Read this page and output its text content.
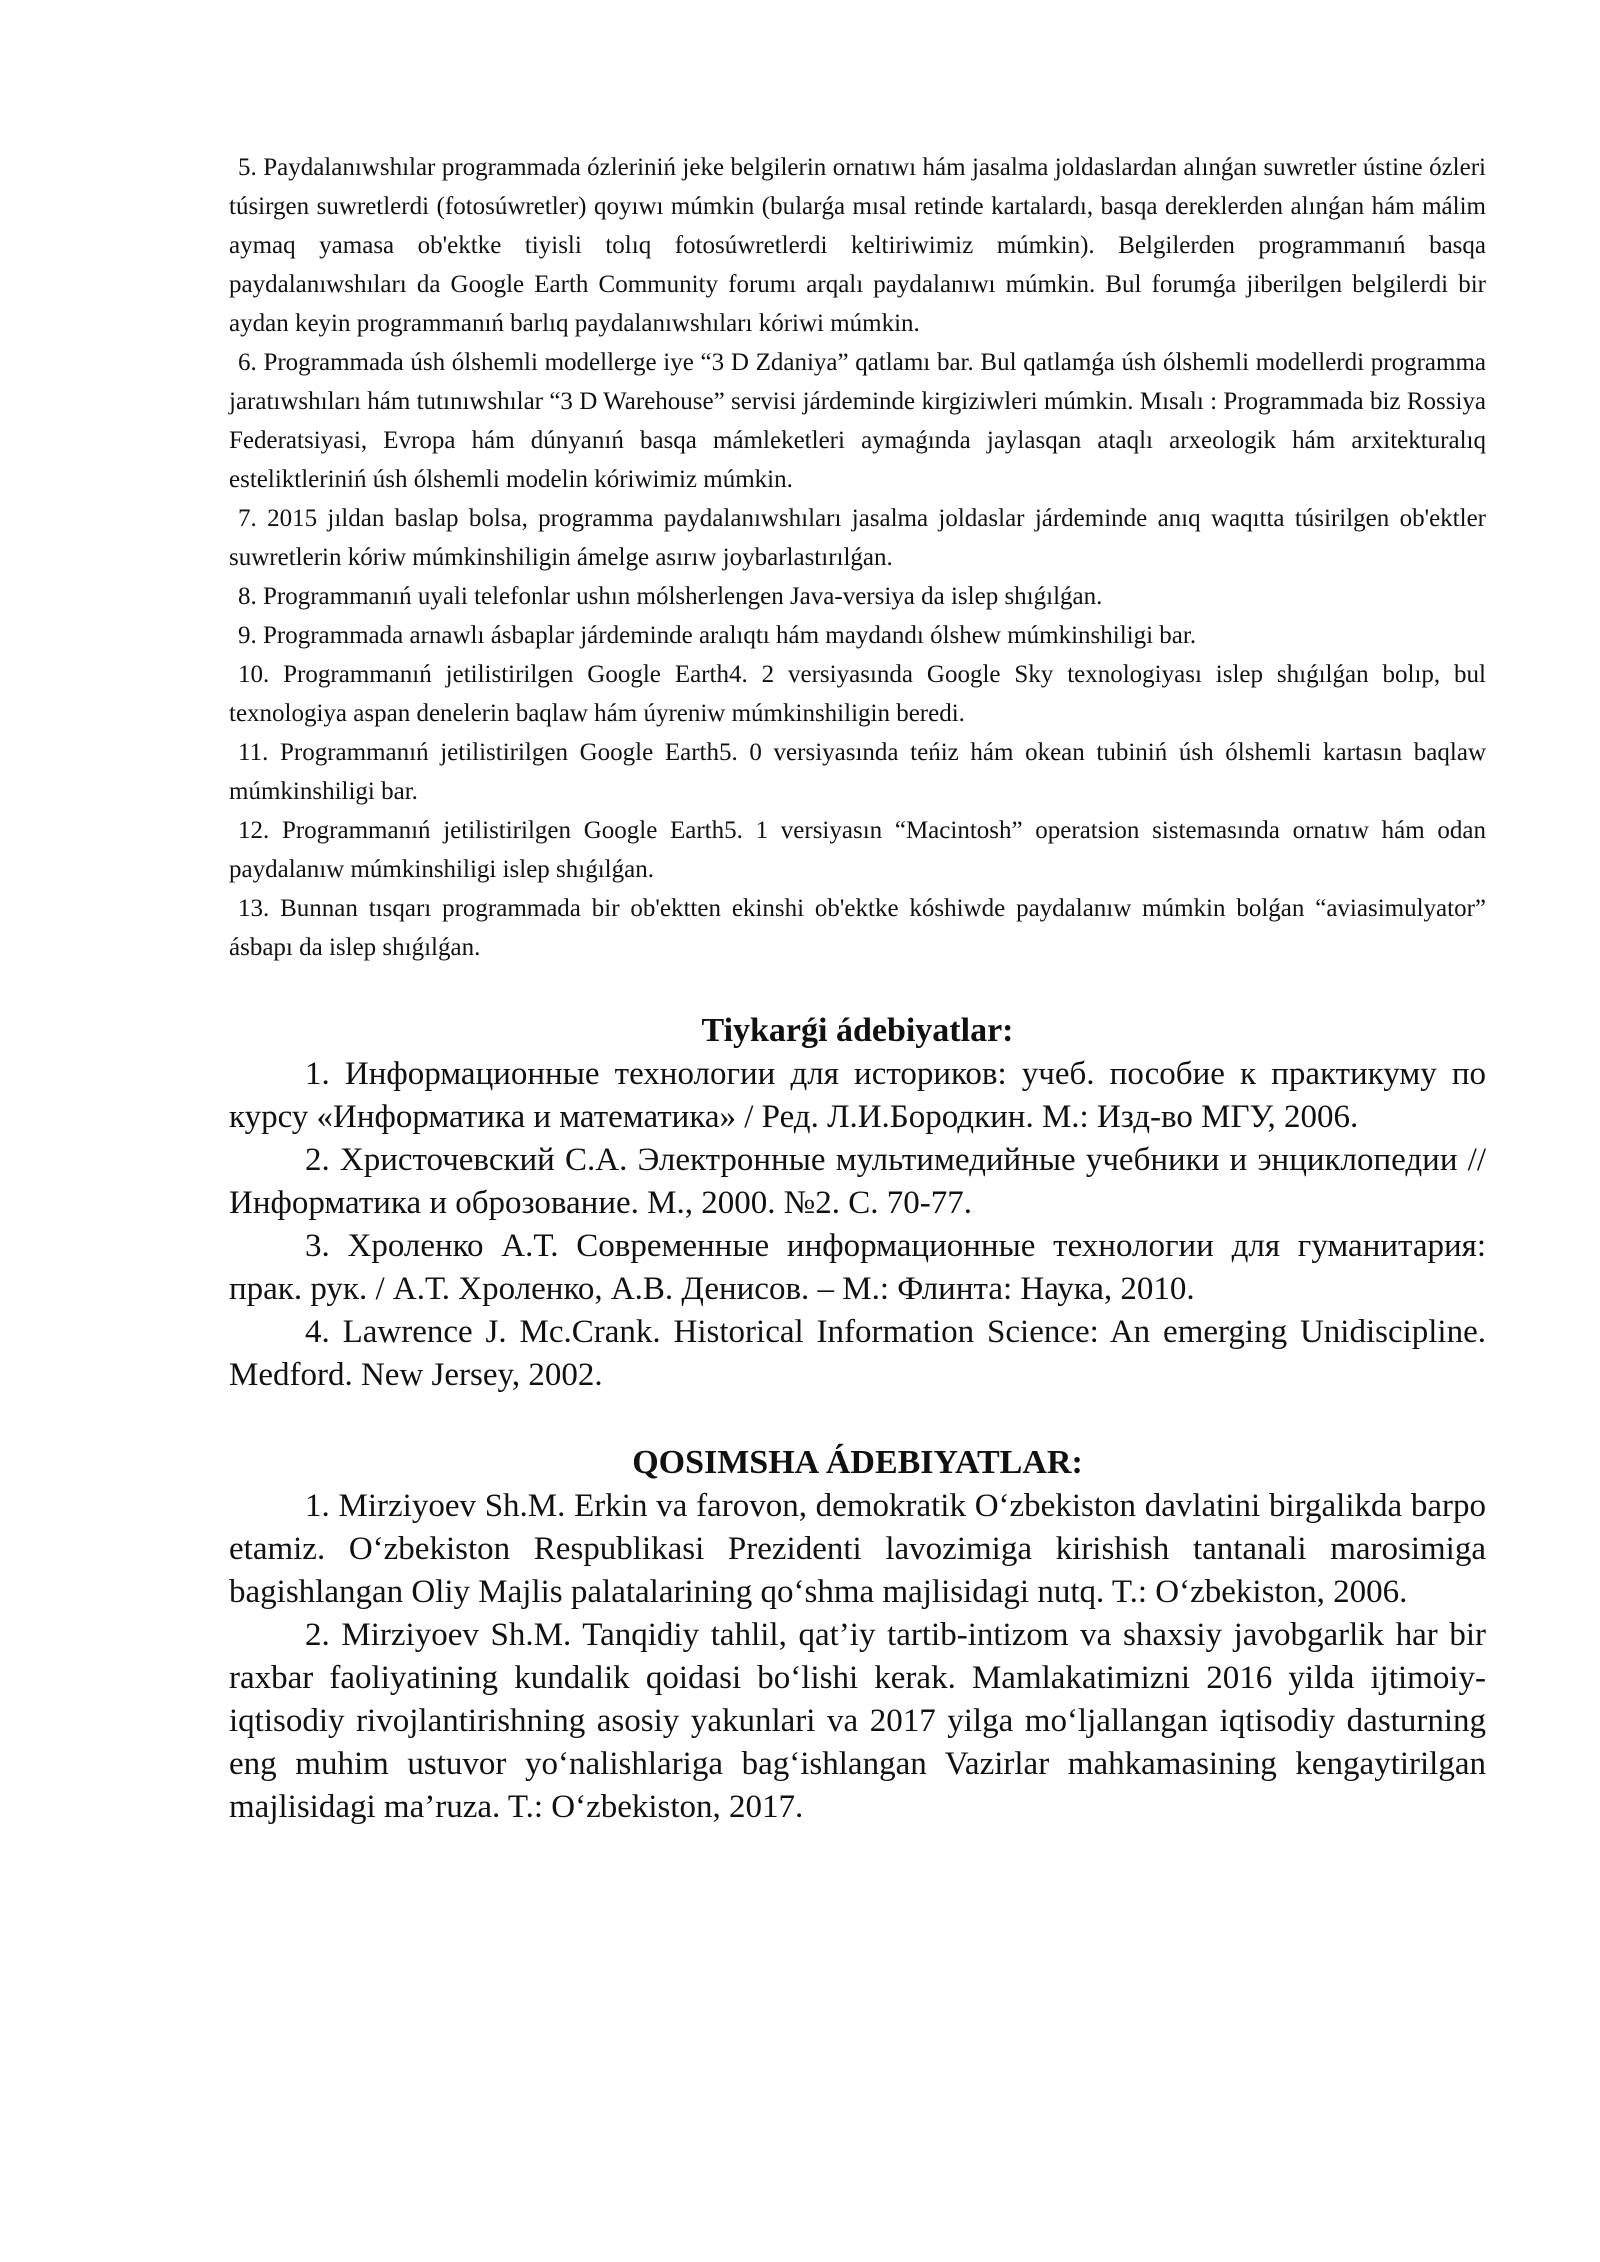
5. Paydalanıwshılar programmada ózleriniń jeke belgilerin ornatıwı hám jasalma joldaslardan alınǵan suwretler ústine ózleri túsirgen suwretlerdi (fotosúwretler) qoyıwı múmkin (bularǵa mısal retinde kartalardı, basqa dereklerden alınǵan hám málim aymaq yamasa ob'ektke tiyisli tolıq fotosúwretlerdi keltiriwimiz múmkin). Belgilerden programmanıń basqa paydalanıwshıları da Google Earth Community forumı arqalı paydalanıwı múmkin. Bul forumǵa jiberilgen belgilerdi bir aydan keyin programmanıń barlıq paydalanıwshıları kóriwi múmkin.

6. Programmada úsh ólshemli modellerge iye “3 D Zdaniya” qatlamı bar. Bul qatlamǵa úsh ólshemli modellerdi programma jaratıwshıları hám tutınıwshılar “3 D Warehouse” servisi járdeminde kirgiziwleri múmkin. Mısalı : Programmada biz Rossiya Federatsiyasi, Evropa hám dúnyanıń basqa mámleketleri aymaǵında jaylasqan ataqlı arxeologik hám arxitekturalıq esteliktleriniń úsh ólshemli modelin kóriwimiz múmkin.

7. 2015 jıldan baslap bolsa, programma paydalanıwshıları jasalma joldaslar járdeminde anıq waqıtta túsirilgen ob'ektler suwretlerin kóriw múmkinshiligin ámelge asırıw joybarlastırılǵan.

8. Programmanıń uyali telefonlar ushın mólsherlengen Java-versiya da islep shıǵılǵan.

9. Programmada arnawlı ásbaplar járdeminde aralıqtı hám maydandı ólshew múmkinshiligi bar.

10. Programmanıń jetilistirilgen Google Earth4. 2 versiyasında Google Sky texnologiyası islep shıǵılǵan bolıp, bul texnologiya aspan denelerin baqlaw hám úyreniw múmkinshiligin beredi.

11. Programmanıń jetilistirilgen Google Earth5. 0 versiyasında teńiz hám okean tubiniń úsh ólshemli kartasın baqlaw múmkinshiligi bar.

12. Programmanıń jetilistirilgen Google Earth5. 1 versiyasın “Macintosh” operatsion sistemasında ornatıw hám odan paydalanıw múmkinshiligi islep shıǵılǵan.

13. Bunnan tısqarı programmada bir ob'ektten ekinshi ob'ektke kóshiwde paydalanıw múmkin bolǵan “aviasimulyator” ásbapı da islep shıǵılǵan.

Tiykarǵi ádebiyatlar:

1. Информационные технологии для историков: учеб. пособие к практикуму по курсу «Информатика и математика» / Ред. Л.И.Бородкин. М.: Изд-во МГУ, 2006.

2. Христочевский С.А. Электронные мультимедийные учебники и энциклопедии // Информатика и оброзование. М., 2000. №2. С. 70-77.

3. Хроленко А.Т. Современные информационные технологии для гуманитария: прак. рук. / А.Т. Хроленко, А.В. Денисов. – М.: Флинта: Наука, 2010.

4. Lawrence J. Mc.Crank. Historical Information Science: An emerging Unidiscipline. Medford. New Jersey, 2002.

QOSIMSHA ÁDEBIYATLAR:

1. Mirziyoev Sh.M. Erkin va farovon, demokratik Oʻzbekiston davlatini birgalikda barpo etamiz. Oʻzbekiston Respublikasi Prezidenti lavozimiga kirishish tantanali marosimiga bagishlangan Oliy Majlis palatalarining qoʻshma majlisidagi nutq. T.: Oʻzbekiston, 2006.

2. Mirziyoev Sh.M. Tanqidiy tahlil, qat’iy tartib-intizom va shaxsiy javobgarlik har bir raxbar faoliyatining kundalik qoidasi boʻlishi kerak. Mamlakatimizni 2016 yilda ijtimoiy-iqtisodiy rivojlantirishning asosiy yakunlari va 2017 yilga moʻljallangan iqtisodiy dasturning eng muhim ustuvor yoʻnalishlariga bagʻishlangan Vazirlar mahkamasining kengaytirilgan majlisidagi ma’ruza. T.: Oʻzbekiston, 2017.
